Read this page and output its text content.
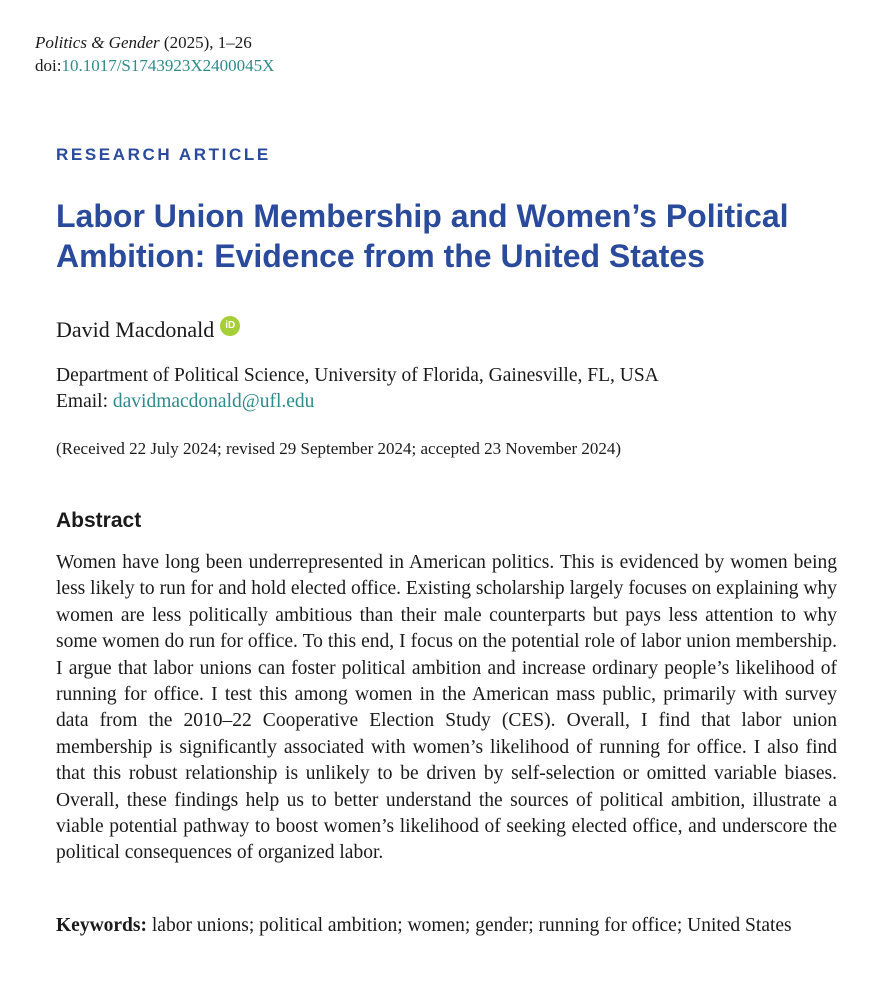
Politics & Gender (2025), 1–26
doi:10.1017/S1743923X2400045X
RESEARCH ARTICLE
Labor Union Membership and Women’s Political Ambition: Evidence from the United States
David Macdonald	iD
Department of Political Science, University of Florida, Gainesville, FL, USA
Email: davidmacdonald@ufl.edu
(Received 22 July 2024; revised 29 September 2024; accepted 23 November 2024)
Abstract

Women have long been underrepresented in American politics. This is evidenced by women being less likely to run for and hold elected office. Existing scholarship largely focuses on explaining why women are less politically ambitious than their male counterparts but pays less attention to why some women do run for office. To this end, I focus on the potential role of labor union membership. I argue that labor unions can foster political ambition and increase ordinary people’s likelihood of running for office. I test this among women in the American mass public, primarily with survey data from the 2010–22 Cooperative Election Study (CES). Overall, I find that labor union membership is significantly associated with women’s likelihood of running for office. I also find that this robust relationship is unlikely to be driven by self-selection or omitted variable biases. Overall, these findings help us to better understand the sources of political ambition, illustrate a viable potential pathway to boost women’s likelihood of seeking elected office, and underscore the political consequences of organized labor.

Keywords: labor unions; political ambition; women; gender; running for office; United States
